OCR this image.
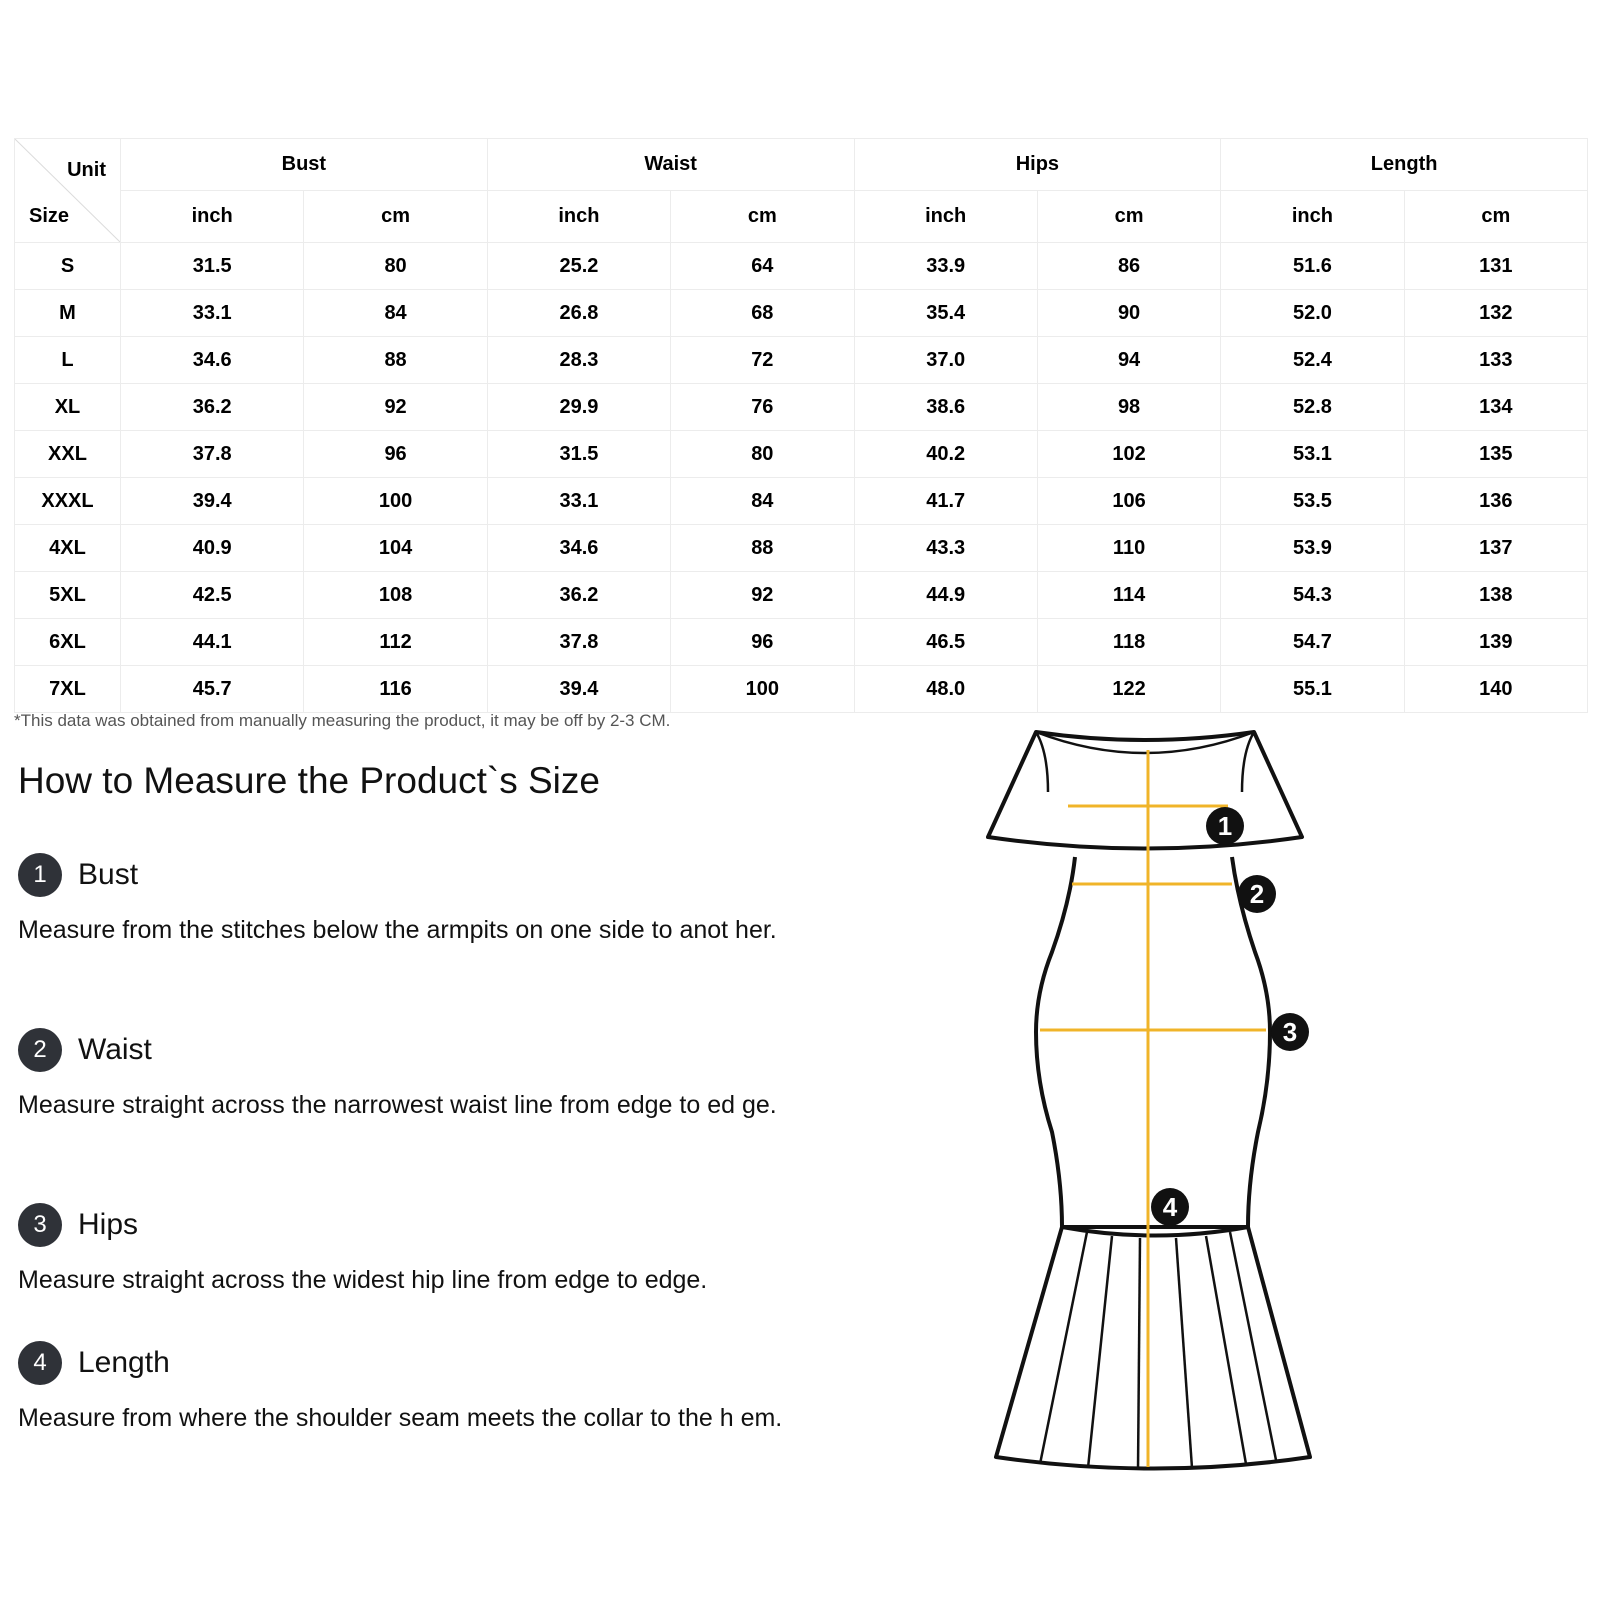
Unit
Size	Bust		Waist		Hips		Length	
	inch	cm	inch	cm	inch	cm	inch	cm
S	31.5	80	25.2	64	33.9	86	51.6	131
M	33.1	84	26.8	68	35.4	90	52.0	132
L	34.6	88	28.3	72	37.0	94	52.4	133
XL	36.2	92	29.9	76	38.6	98	52.8	134
XXL	37.8	96	31.5	80	40.2	102	53.1	135
XXXL	39.4	100	33.1	84	41.7	106	53.5	136
4XL	40.9	104	34.6	88	43.3	110	53.9	137
5XL	42.5	108	36.2	92	44.9	114	54.3	138
6XL	44.1	112	37.8	96	46.5	118	54.7	139
7XL	45.7	116	39.4	100	48.0	122	55.1	140
*This data was obtained from manually measuring the product, it may be off by 2-3 CM.
How to Measure the Product`s Size
1	Bust
Measure from the stitches below the armpits on one side to anot her.
2	Waist
Measure straight across the narrowest waist line from edge to ed ge.
3	Hips
Measure straight across the widest hip line from edge to edge.
4	Length
Measure from where the shoulder seam meets the collar to the h em.
1
2
3
4
